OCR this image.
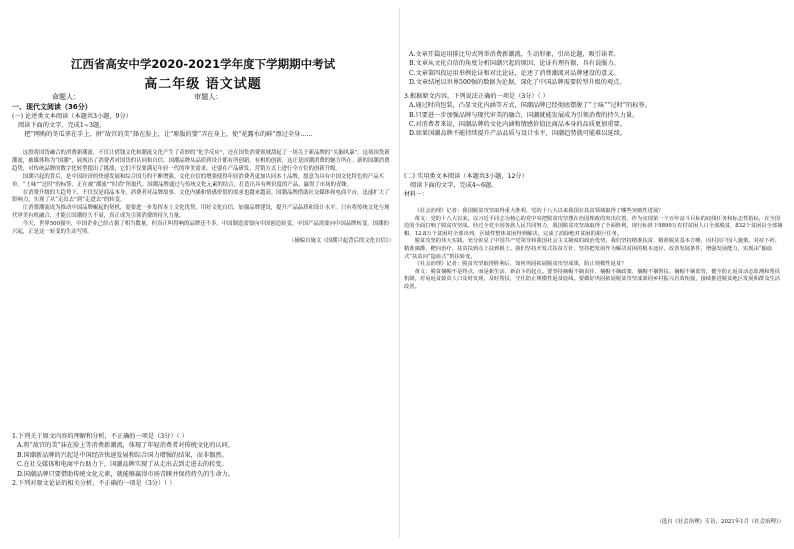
江西省高安中学2020-2021学年度下学期期中考试
高二年级 语文试题
命题人：	审题人：
一、现代文阅读（36分）
(一) 论述类文本阅读（本题共3小题，9分）
阅读下面的文字，完成1~3题。
把“网购的冬瓜拿在手上，拼“故宫的美”择在脸上，让“原版的婴”弄在身上，使“花露水的鲜”漂过全身……

这股将国货融合的消费新潮流，不仅让借钱文化和潮流文化产生了奇妙的“化学反应”，还在国货消费领域刮起了一场关于新品牌的“头脑风暴”。这场国货新潮流，被媒体称为“国潮”，展现出了消费者对国货的认同和自信。国潮品牌从品质到设计都有所创新，有相的创新，这正是国潮消费的魅力所在。新的国潮消费趋势，对传统品牌的数字化转型提出了挑战，它们不仅要满足年轻一代的审美需求，还要在产品研发、营销方式上进行全方位的创新升级。

国潮兴起的背后，是中国经济的快速发展和综合国力的不断增强。文化自信的增强使得年轻消费者更加认同本土品牌，愿意为具有中国文化特色的产品买单。“土味”“过时”的标签，正在被“潮流”“时尚”所取代。国潮品牌通过与传统文化元素的结合，打造出具有辨识度的产品，赢得了市场的青睐。

在消费升级的大趋势下，不仅仅是商品本身，消费者对品牌故事、文化内涵和情感价值的需求也越来越高。国潮品牌借助社交媒体和电商平台，迅速扩大了影响力，实现了从“走出去”到“走进去”的转变。

让消费潮流成为推动中国品牌崛起的契机，需要进一步发挥本土文化优势，用好文化自信，加强品牌建设，提升产品品质和设计水平。只有将传统文化与现代审美有机融合，才能让国潮经久不衰，真正成为引领消费的持久力量。

今天，世界500强中，中国企业已经占据了相当数量，但真正叫得响的品牌还不多。中国制造需要向中国创造转变，中国产品需要向中国品牌转变。国潮的兴起，正是这一转变的生动写照。

（摘编自施文《国潮兴起背后的文化自信》）

1.下列关于原文内容的理解和分析，不正确的一项是（3分）（ ）

A.将“故宫的美”抹在脸上等消费新潮流，体现了年轻消费者对传统文化的认同。

B.国潮新品牌的兴起是中国经济快速发展和综合国力增强的结果，而非偶然。

C.在社交媒体和电商平台助力下，国潮品牌实现了从走出去到走进去的转变。

D.国潮品牌只要借助传统文化元素，就能够赢得市场青睐并保持持久的生命力。

2.下列对原文论证的相关分析，不正确的一项是（3分）（ ）

A.文章开篇运用排比句式列举消费新潮流，生动形象，引出论题，吸引读者。

B.文章从文化自信的角度分析国潮兴起的原因，论证有理有据，具有说服力。

C.文章第四段运用举例论证和对比论证，论述了消费潮流对品牌建设的意义。

D.文章结尾以世界500强的数据为论据，深化了中国品牌需要转型升级的观点。

3.根据原文内容，下列说法正确的一项是（3分）（ ）

A.通过时尚包装，凸显文化内涵等方式，国潮品牌已经彻底摆脱了“土味”“过时”的标签。

B.只要进一步加强品牌与现代审美的融合，国潮就能发展成为引领消费的持久力量。

C.对消费者来说，国潮品牌的文化内涵和情感价值比商品本身的品质更加重要。

D.如果国潮品牌不能持续提升产品品质与设计水平，国潮趋势就可能难以延续。

(二) 实用类文本阅读（本题共3小题，12分）
阅读下面的文字，完成4~6题。
材料一：

《社会治理》记者：我国脱贫攻坚取得重大胜利，党的十八大以来我国在扶贫领域取得了哪些突破性进展？

黄文：党的十八大以来，以习近平同志为核心的党中央把脱贫攻坚摆在治国理政的突出位置，作为实现第一个百年奋斗目标的底线任务和标志性指标，在全国范围全面打响了脱贫攻坚战。经过全党全国各族人民共同努力，我国脱贫攻坚战取得了全面胜利，现行标准下9899万农村贫困人口全部脱贫，832个贫困县全部摘帽，12.8万个贫困村全部出列，区域性整体贫困得到解决，完成了消除绝对贫困的艰巨任务。

脱贫攻坚的伟大实践，充分彰显了中国共产党领导和我国社会主义制度的政治优势。我们坚持精准扶贫、精准脱贫基本方略，因村因户因人施策，对症下药、精准滴灌、靶向治疗，扶贫扶到点上扶到根上。我们坚持开发式扶贫方针，坚持把发展作为解决贫困的根本途径，改善发展条件，增强发展能力，实现由“输血式”扶贫向“造血式”帮扶转变。

《社会治理》记者：脱贫攻坚取得胜利后，如何巩固拓展脱贫攻坚成果，防止规模性返贫？

黄文：脱贫摘帽不是终点，而是新生活、新奋斗的起点。要坚持摘帽不摘责任、摘帽不摘政策、摘帽不摘帮扶、摘帽不摘监管，健全防止返贫动态监测和帮扶机制，对易返贫致贫人口及时发现、及时帮扶，守住防止规模性返贫底线。要做好巩固拓展脱贫攻坚成果同乡村振兴有效衔接，接续推进脱贫地区发展和群众生活改善。

（选自《社会治理》专访，2021年1月《社会治理》）
